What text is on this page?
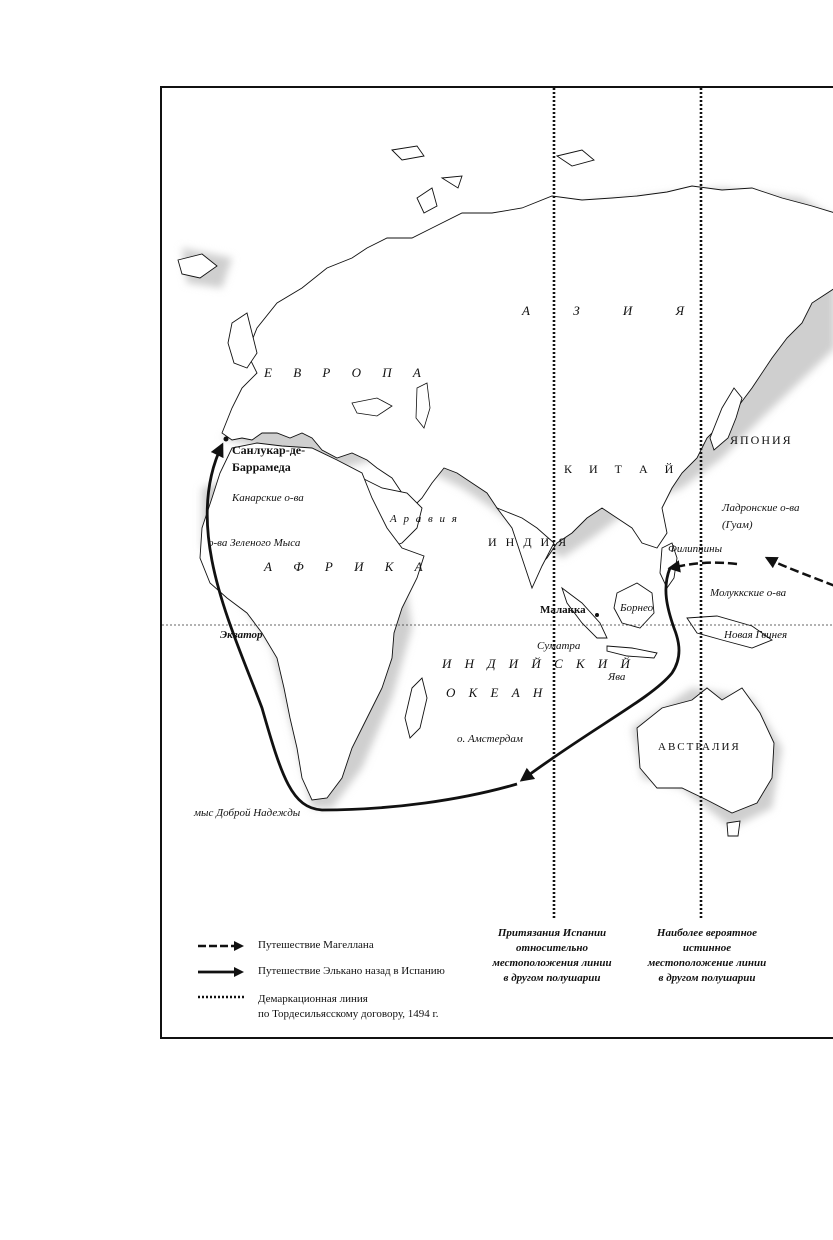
Е В Р О П А
А З И Я
А Ф Р И К А
К И Т А Й
И Н Д И Я
И Н Д И Й С К И Й
О К Е А Н
ЯПОНИЯ
АВСТРАЛИЯ
А р а в и я
Санлукар-де-
Баррамеда
Канарские о-ва
о-ва Зеленого Мыса
Экватор
мыс Доброй Надежды
о. Амстердам
Малакка
Суматра
Борнео
Ява
Филиппины
Ладронские о-ва
(Гуам)
Молуккские о-ва
Новая Гвинея
Притязания Испании
относительно
местоположения линии
в другом полушарии
Наиболее вероятное
истинное
местоположение линии
в другом полушарии
Путешествие Магеллана
Путешествие Элькано назад в Испанию
Демаркационная линия
по Тордесильясскому договору, 1494 г.
